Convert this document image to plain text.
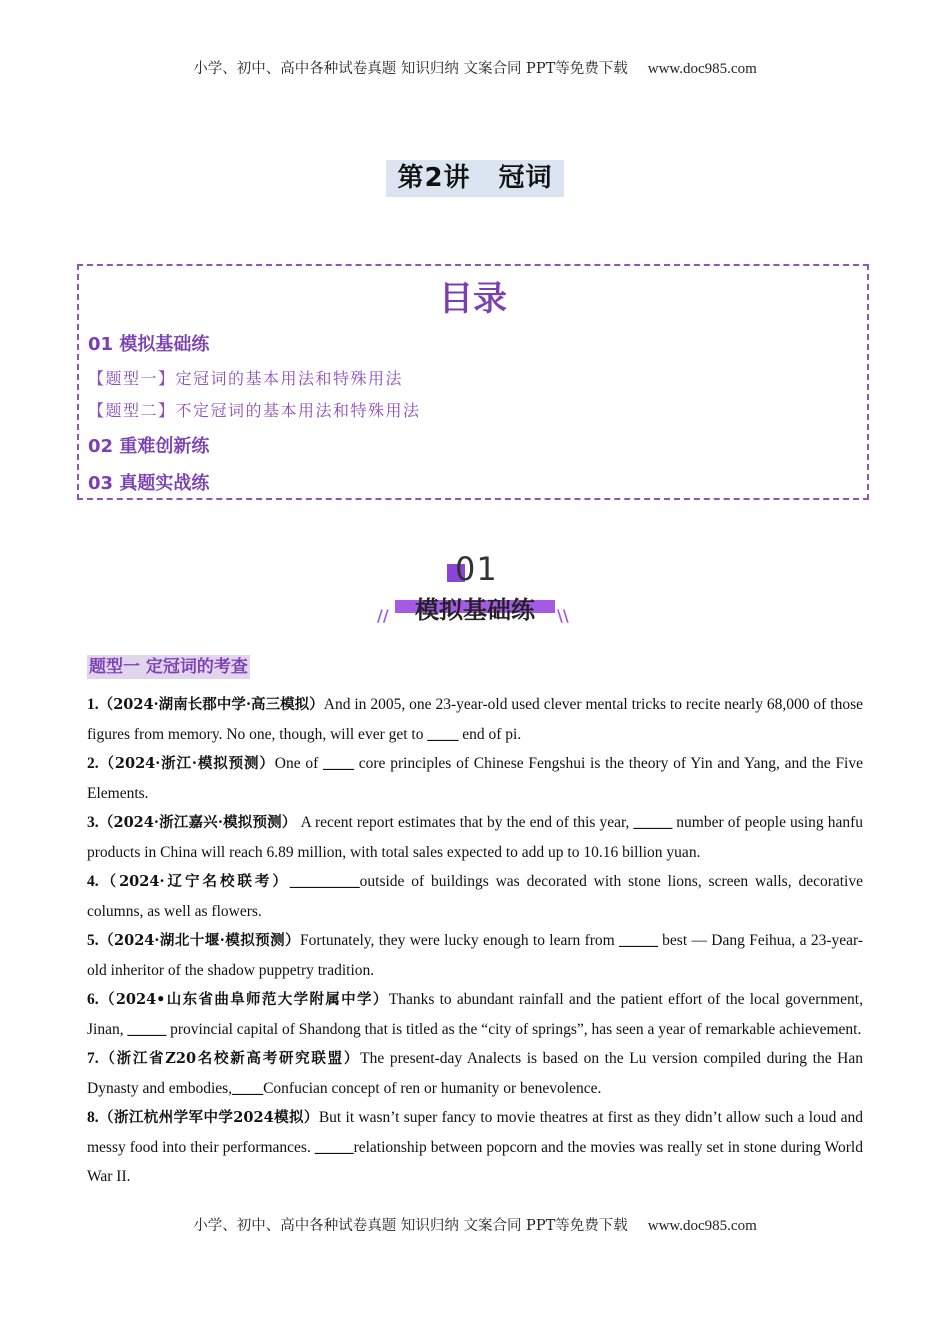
小学、初中、高中各种试卷真题 知识归纳 文案合同 PPT等免费下载 www.doc985.com
第2讲 冠词
目录
01 模拟基础练
【题型一】定冠词的基本用法和特殊用法
【题型二】不定冠词的基本用法和特殊用法
02 重难创新练
03 真题实战练
01
模拟基础练
//	\\
题型一 定冠词的考查

1.（2024·湖南长郡中学·高三模拟）And in 2005, one 23-year-old used clever mental tricks to recite nearly 68,000 of those figures from memory. No one, though, will ever get to ____ end of pi.

2.（2024·浙江·模拟预测）One of ____ core principles of Chinese Fengshui is the theory of Yin and Yang, and the Five Elements.

3.（2024·浙江嘉兴·模拟预测） A recent report estimates that by the end of this year, _____ number of people using hanfu products in China will reach 6.89 million, with total sales expected to add up to 10.16 billion yuan.

4.（2024·辽宁名校联考）_________outside of buildings was decorated with stone lions, screen walls, decorative columns, as well as flowers.

5.（2024·湖北十堰·模拟预测）Fortunately, they were lucky enough to learn from _____ best — Dang Feihua, a 23-year-old inheritor of the shadow puppetry tradition.

6.（2024•山东省曲阜师范大学附属中学）Thanks to abundant rainfall and the patient effort of the local government, Jinan, _____ provincial capital of Shandong that is titled as the “city of springs”, has seen a year of remarkable achievement.

7.（浙江省Z20名校新高考研究联盟）The present-day Analects is based on the Lu version compiled during the Han Dynasty and embodies,____Confucian concept of ren or humanity or benevolence.

8.（浙江杭州学军中学2024模拟）But it wasn’t super fancy to movie theatres at first as they didn’t allow such a loud and messy food into their performances. _____relationship between popcorn and the movies was really set in stone during World War II.

小学、初中、高中各种试卷真题 知识归纳 文案合同 PPT等免费下载 www.doc985.com
